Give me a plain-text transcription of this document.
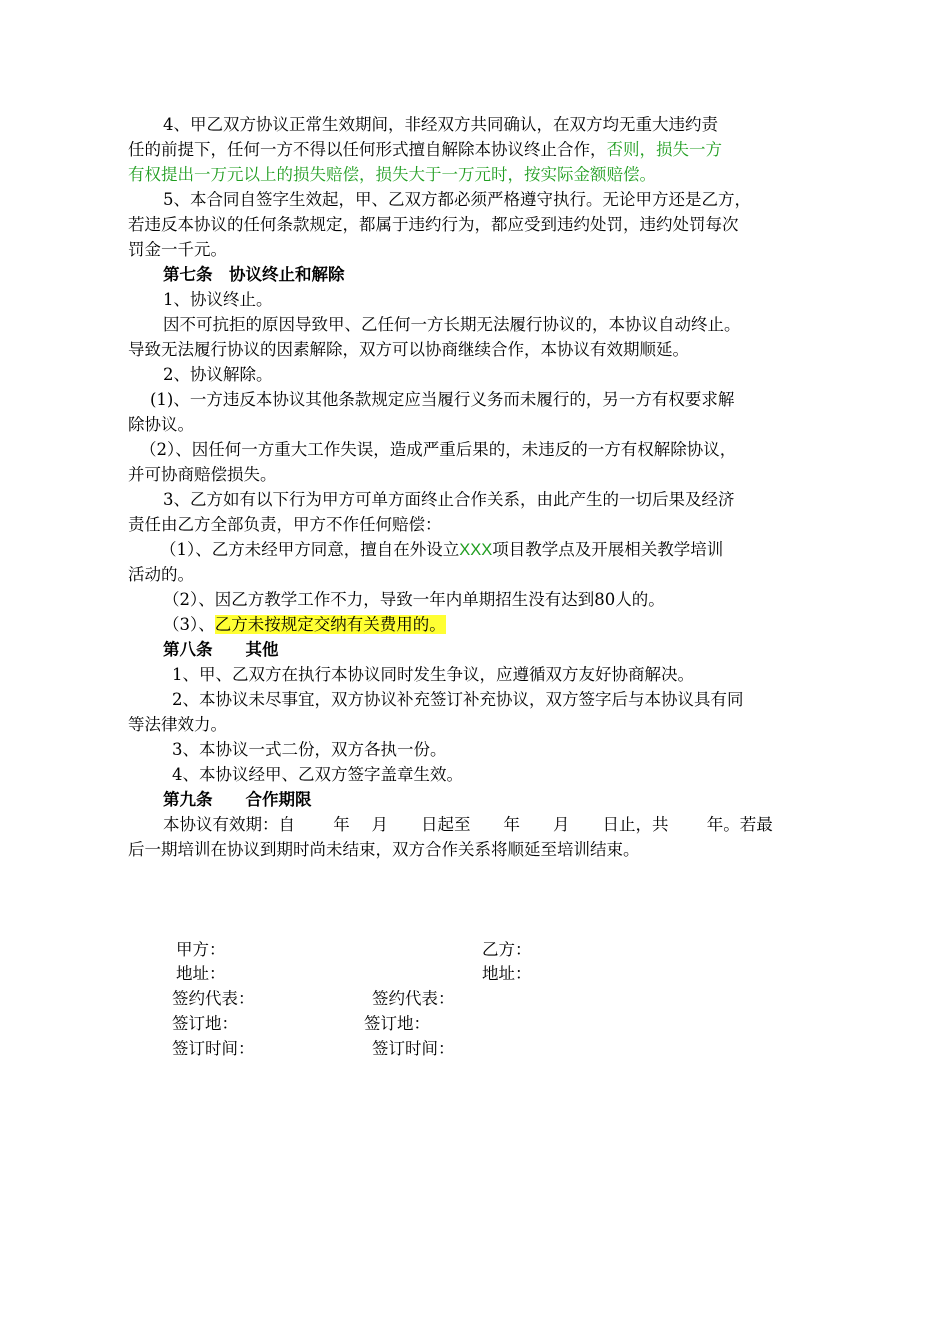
4、甲乙双方协议正常生效期间，非经双方共同确认，在双方均无重大违约责
任的前提下，任何一方不得以任何形式擅自解除本协议终止合作，否则，损失一方
有权提出一万元以上的损失赔偿，损失大于一万元时，按实际金额赔偿。
5、本合同自签字生效起，甲、乙双方都必须严格遵守执行。无论甲方还是乙方，
若违反本协议的任何条款规定，都属于违约行为，都应受到违约处罚，违约处罚每次
罚金一千元。
第七条　协议终止和解除
1、协议终止。
因不可抗拒的原因导致甲、乙任何一方长期无法履行协议的，本协议自动终止。
导致无法履行协议的因素解除，双方可以协商继续合作，本协议有效期顺延。
2、协议解除。
(1)、一方违反本协议其他条款规定应当履行义务而未履行的，另一方有权要求解
除协议。
（2）、因任何一方重大工作失误，造成严重后果的，未违反的一方有权解除协议，
并可协商赔偿损失。
3、乙方如有以下行为甲方可单方面终止合作关系，由此产生的一切后果及经济
责任由乙方全部负责，甲方不作任何赔偿：
（1）、乙方未经甲方同意，擅自在外设立XXX项目教学点及开展相关教学培训
活动的。
（2）、因乙方教学工作不力，导致一年内单期招生没有达到80人的。
（3）、乙方未按规定交纳有关费用的。
第八条　　其他
1、甲、乙双方在执行本协议同时发生争议，应遵循双方友好协商解决。
2、本协议未尽事宜，双方协议补充签订补充协议，双方签字后与本协议具有同
等法律效力。
3、本协议一式二份，双方各执一份。
4、本协议经甲、乙双方签字盖章生效。
第九条　　合作期限
本协议有效期：自　　 年　 月　　日起至　　年　　月　　日止，共　　 年。若最
后一期培训在协议到期时尚未结束，双方合作关系将顺延至培训结束。
甲方：	乙方：
地址：	地址：
签约代表：	签约代表：
签订地：	签订地：
签订时间：	签订时间：
